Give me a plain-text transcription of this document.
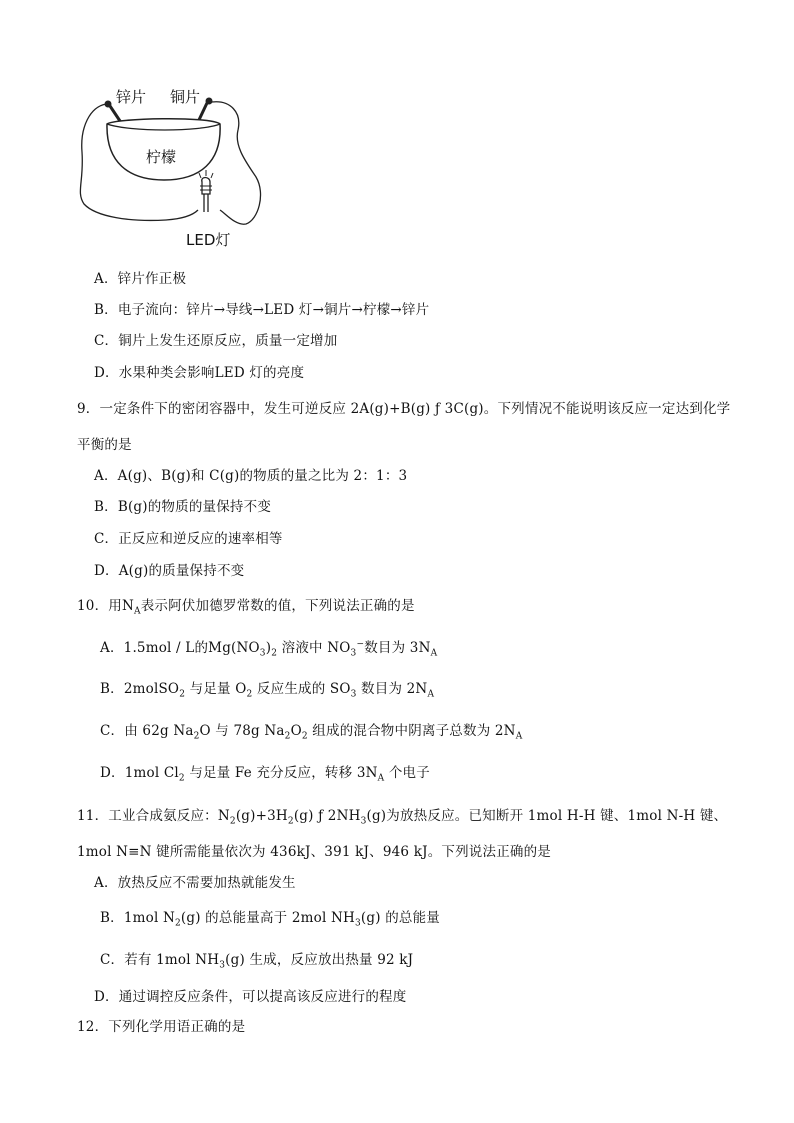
锌片 铜片
柠檬
LED灯
A．锌片作正极
B．电子流向：锌片→导线→LED 灯→铜片→柠檬→锌片
C．铜片上发生还原反应，质量一定增加
D．水果种类会影响LED 灯的亮度
9．一定条件下的密闭容器中，发生可逆反应 2A(g)+B(g) ƒ 3C(g)。下列情况不能说明该反应一定达到化学
平衡的是
A．A(g)、B(g)和 C(g)的物质的量之比为 2：1：3
B．B(g)的物质的量保持不变
C．正反应和逆反应的速率相等
D．A(g)的质量保持不变
10．用$N_A$表示阿伏加德罗常数的值，下列说法正确的是
A．1.5mol / L的$Mg(NO_3)_2$ 溶液中 $NO_3^-$数目为 $3N_A$
B．2molSO$_2$ 与足量 $O_2$ 反应生成的 $SO_3$ 数目为 $2N_A$
C．由 62g $Na_2O$ 与 78g $Na_2O_2$ 组成的混合物中阴离子总数为 $2N_A$
D．1mol $Cl_2$ 与足量 Fe 充分反应，转移 $3N_A$ 个电子
11．工业合成氨反应：$N_2(g)+3H_2(g)$ ƒ $2NH_3(g)$为放热反应。已知断开 1mol H-H 键、1mol N-H 键、
1mol N≡N 键所需能量依次为 436kJ、391 kJ、946 kJ。下列说法正确的是
A．放热反应不需要加热就能发生
B．1mol $N_2(g)$ 的总能量高于 2mol $NH_3(g)$ 的总能量
C．若有 1mol $NH_3(g)$ 生成，反应放出热量 92 kJ
D．通过调控反应条件，可以提高该反应进行的程度
12．下列化学用语正确的是
